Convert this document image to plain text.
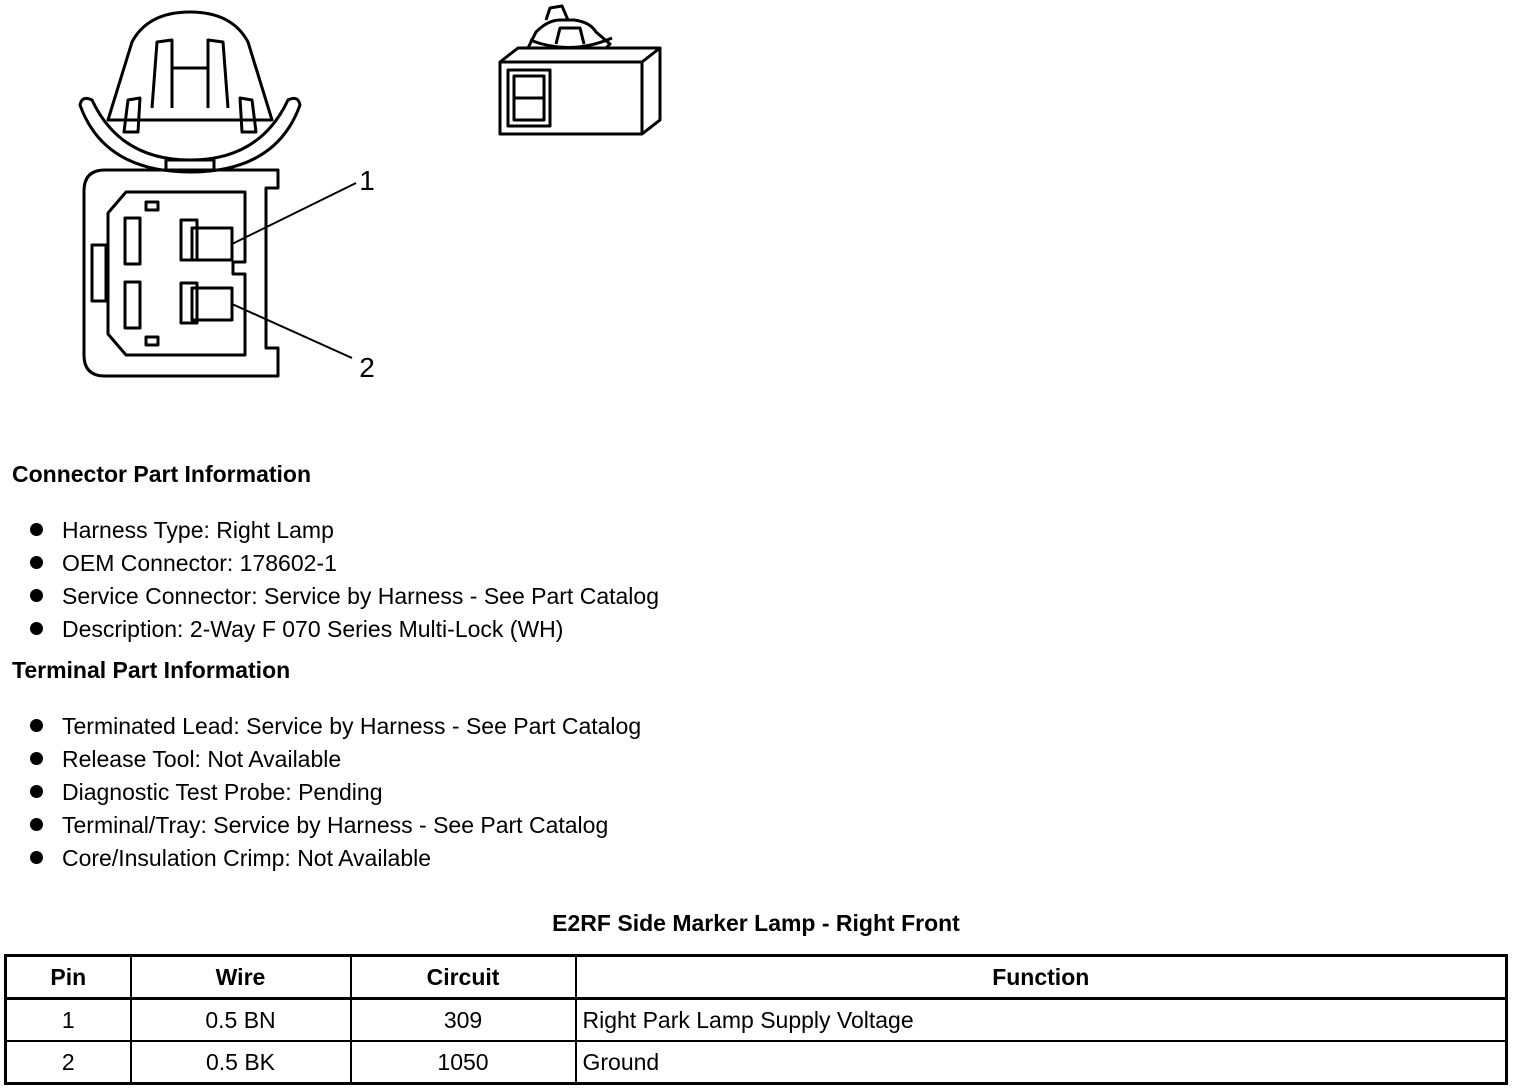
1
2
Connector Part Information
Harness Type: Right Lamp
OEM Connector: 178602-1
Service Connector: Service by Harness - See Part Catalog
Description: 2-Way F 070 Series Multi-Lock (WH)
Terminal Part Information
Terminated Lead: Service by Harness - See Part Catalog
Release Tool: Not Available
Diagnostic Test Probe: Pending
Terminal/Tray: Service by Harness - See Part Catalog
Core/Insulation Crimp: Not Available
E2RF Side Marker Lamp - Right Front
Pin	Wire	Circuit	Function
1	0.5 BN	309	Right Park Lamp Supply Voltage
2	0.5 BK	1050	Ground
